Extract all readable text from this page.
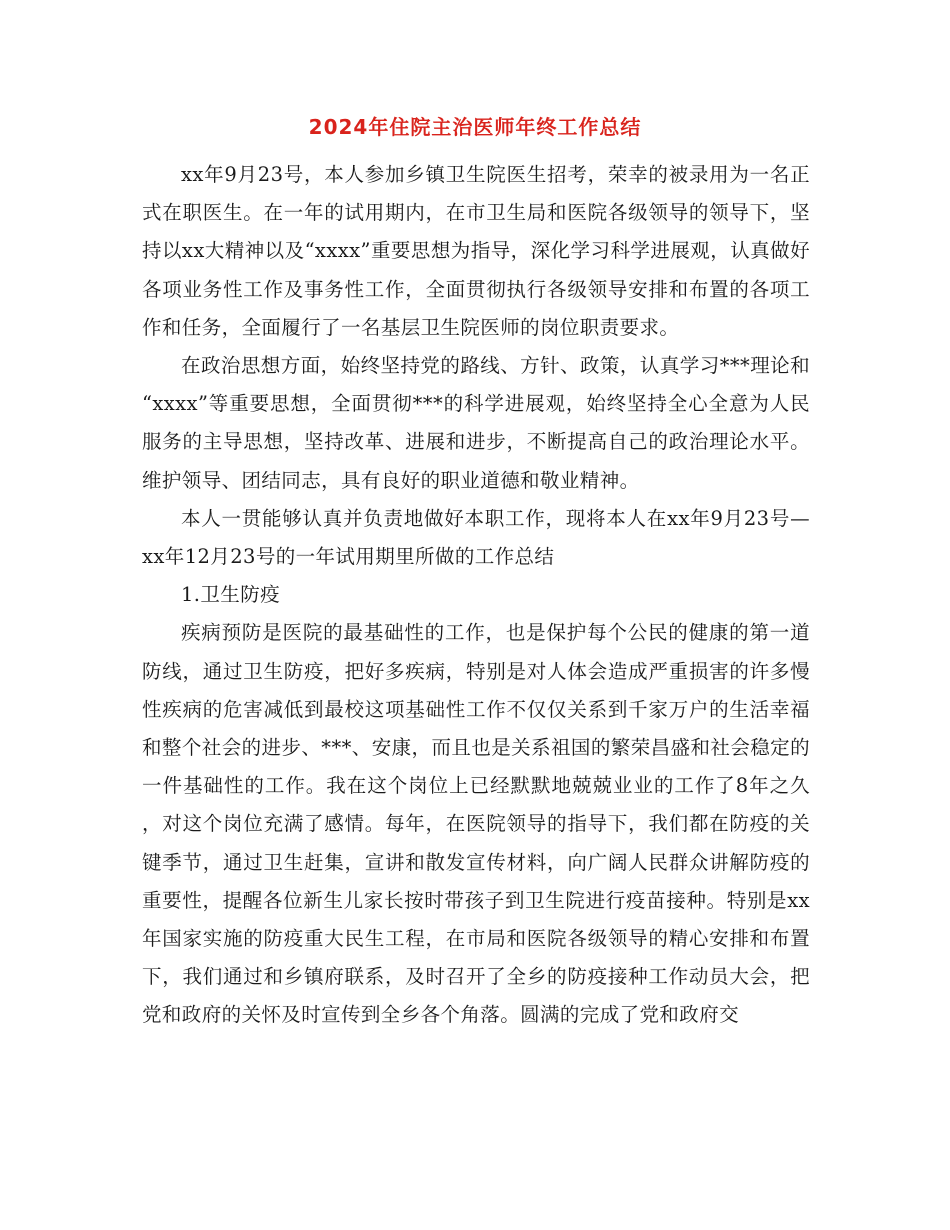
2024年住院主治医师年终工作总结

xx年9月23号，本人参加乡镇卫生院医生招考，荣幸的被录用为一名正式在职医生。在一年的试用期内，在市卫生局和医院各级领导的领导下，坚持以xx大精神以及“xxxx”重要思想为指导，深化学习科学进展观，认真做好各项业务性工作及事务性工作，全面贯彻执行各级领导安排和布置的各项工作和任务，全面履行了一名基层卫生院医师的岗位职责要求。

在政治思想方面，始终坚持党的路线、方针、政策，认真学习***理论和“xxxx”等重要思想，全面贯彻***的科学进展观，始终坚持全心全意为人民服务的主导思想，坚持改革、进展和进步，不断提高自己的政治理论水平。维护领导、团结同志，具有良好的职业道德和敬业精神。

本人一贯能够认真并负责地做好本职工作，现将本人在xx年9月23号—xx年12月23号的一年试用期里所做的工作总结

1.卫生防疫

疾病预防是医院的最基础性的工作，也是保护每个公民的健康的第一道防线，通过卫生防疫，把好多疾病，特别是对人体会造成严重损害的许多慢性疾病的危害减低到最校这项基础性工作不仅仅关系到千家万户的生活幸福和整个社会的进步、***、安康，而且也是关系祖国的繁荣昌盛和社会稳定的一件基础性的工作。我在这个岗位上已经默默地兢兢业业的工作了8年之久，对这个岗位充满了感情。每年，在医院领导的指导下，我们都在防疫的关键季节，通过卫生赶集，宣讲和散发宣传材料，向广阔人民群众讲解防疫的重要性，提醒各位新生儿家长按时带孩子到卫生院进行疫苗接种。特别是xx年国家实施的防疫重大民生工程，在市局和医院各级领导的精心安排和布置下，我们通过和乡镇府联系，及时召开了全乡的防疫接种工作动员大会，把党和政府的关怀及时宣传到全乡各个角落。圆满的完成了党和政府交
